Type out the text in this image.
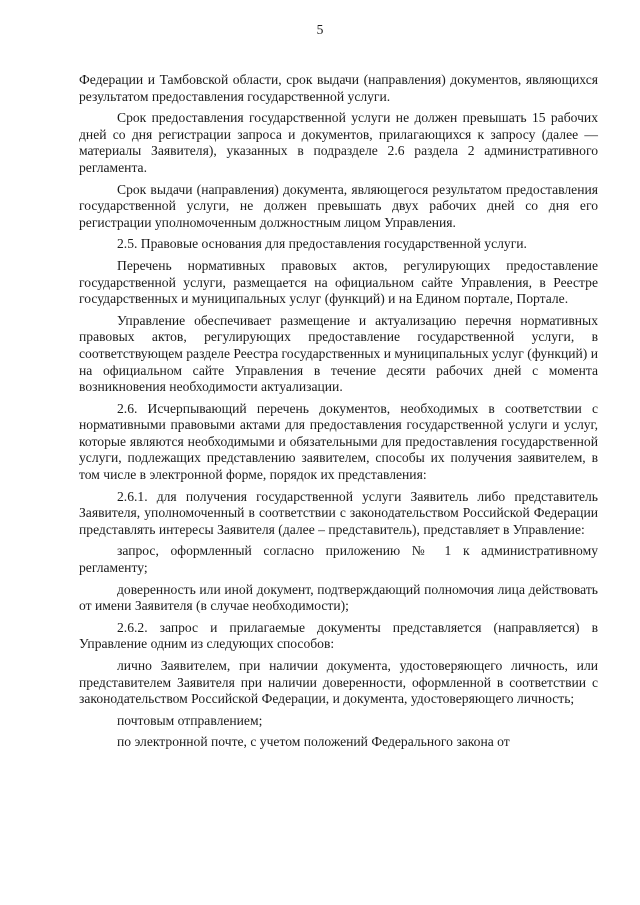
5

Федерации и Тамбовской области, срок выдачи (направления) документов, являющихся результатом предоставления государственной услуги.

Срок предоставления государственной услуги не должен превышать 15 рабочих дней со дня регистрации запроса и документов, прилагающихся к запросу (далее — материалы Заявителя), указанных в подразделе 2.6 раздела 2 административного регламента.

Срок выдачи (направления) документа, являющегося результатом предоставления государственной услуги, не должен превышать двух рабочих дней со дня его регистрации уполномоченным должностным лицом Управления.

2.5. Правовые основания для предоставления государственной услуги.

Перечень нормативных правовых актов, регулирующих предоставление государственной услуги, размещается на официальном сайте Управления, в Реестре государственных и муниципальных услуг (функций) и на Едином портале, Портале.

Управление обеспечивает размещение и актуализацию перечня нормативных правовых актов, регулирующих предоставление государственной услуги, в соответствующем разделе Реестра государственных и муниципальных услуг (функций) и на официальном сайте Управления в течение десяти рабочих дней с момента возникновения необходимости актуализации.

2.6. Исчерпывающий перечень документов, необходимых в соответствии с нормативными правовыми актами для предоставления государственной услуги и услуг, которые являются необходимыми и обязательными для предоставления государственной услуги, подлежащих представлению заявителем, способы их получения заявителем, в том числе в электронной форме, порядок их представления:

2.6.1. для получения государственной услуги Заявитель либо представитель Заявителя, уполномоченный в соответствии с законодательством Российской Федерации представлять интересы Заявителя (далее – представитель), представляет в Управление:

запрос, оформленный согласно приложению № 1 к административному регламенту;

доверенность или иной документ, подтверждающий полномочия лица действовать от имени Заявителя (в случае необходимости);

2.6.2. запрос и прилагаемые документы представляется (направляется) в Управление одним из следующих способов:

лично Заявителем, при наличии документа, удостоверяющего личность, или представителем Заявителя при наличии доверенности, оформленной в соответствии с законодательством Российской Федерации, и документа, удостоверяющего личность;

почтовым отправлением;

по электронной почте, с учетом положений Федерального закона от
